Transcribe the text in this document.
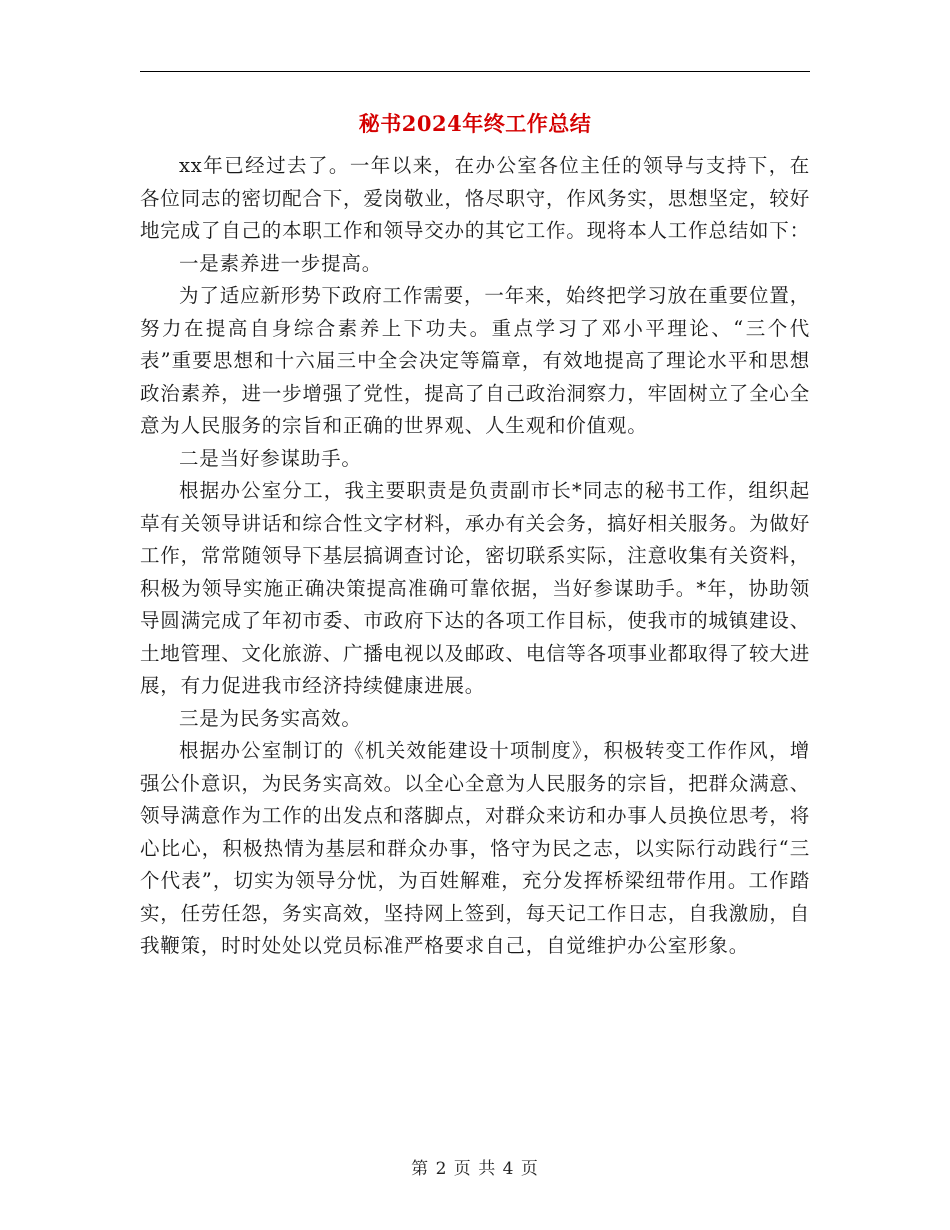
秘书2024年终工作总结

xx年已经过去了。一年以来，在办公室各位主任的领导与支持下，在各位同志的密切配合下，爱岗敬业，恪尽职守，作风务实，思想坚定，较好地完成了自己的本职工作和领导交办的其它工作。现将本人工作总结如下：

一是素养进一步提高。

为了适应新形势下政府工作需要，一年来，始终把学习放在重要位置，努力在提高自身综合素养上下功夫。重点学习了邓小平理论、“三个代表”重要思想和十六届三中全会决定等篇章，有效地提高了理论水平和思想政治素养，进一步增强了党性，提高了自己政治洞察力，牢固树立了全心全意为人民服务的宗旨和正确的世界观、人生观和价值观。

二是当好参谋助手。

根据办公室分工，我主要职责是负责副市长*同志的秘书工作，组织起草有关领导讲话和综合性文字材料，承办有关会务，搞好相关服务。为做好工作，常常随领导下基层搞调查讨论，密切联系实际，注意收集有关资料，积极为领导实施正确决策提高准确可靠依据，当好参谋助手。*年，协助领导圆满完成了年初市委、市政府下达的各项工作目标，使我市的城镇建设、土地管理、文化旅游、广播电视以及邮政、电信等各项事业都取得了较大进展，有力促进我市经济持续健康进展。

三是为民务实高效。

根据办公室制订的《机关效能建设十项制度》，积极转变工作作风，增强公仆意识，为民务实高效。以全心全意为人民服务的宗旨，把群众满意、领导满意作为工作的出发点和落脚点，对群众来访和办事人员换位思考，将心比心，积极热情为基层和群众办事，恪守为民之志，以实际行动践行“三个代表”，切实为领导分忧，为百姓解难，充分发挥桥梁纽带作用。工作踏实，任劳任怨，务实高效，坚持网上签到，每天记工作日志，自我激励，自我鞭策，时时处处以党员标准严格要求自己，自觉维护办公室形象。

第 2 页 共 4 页
